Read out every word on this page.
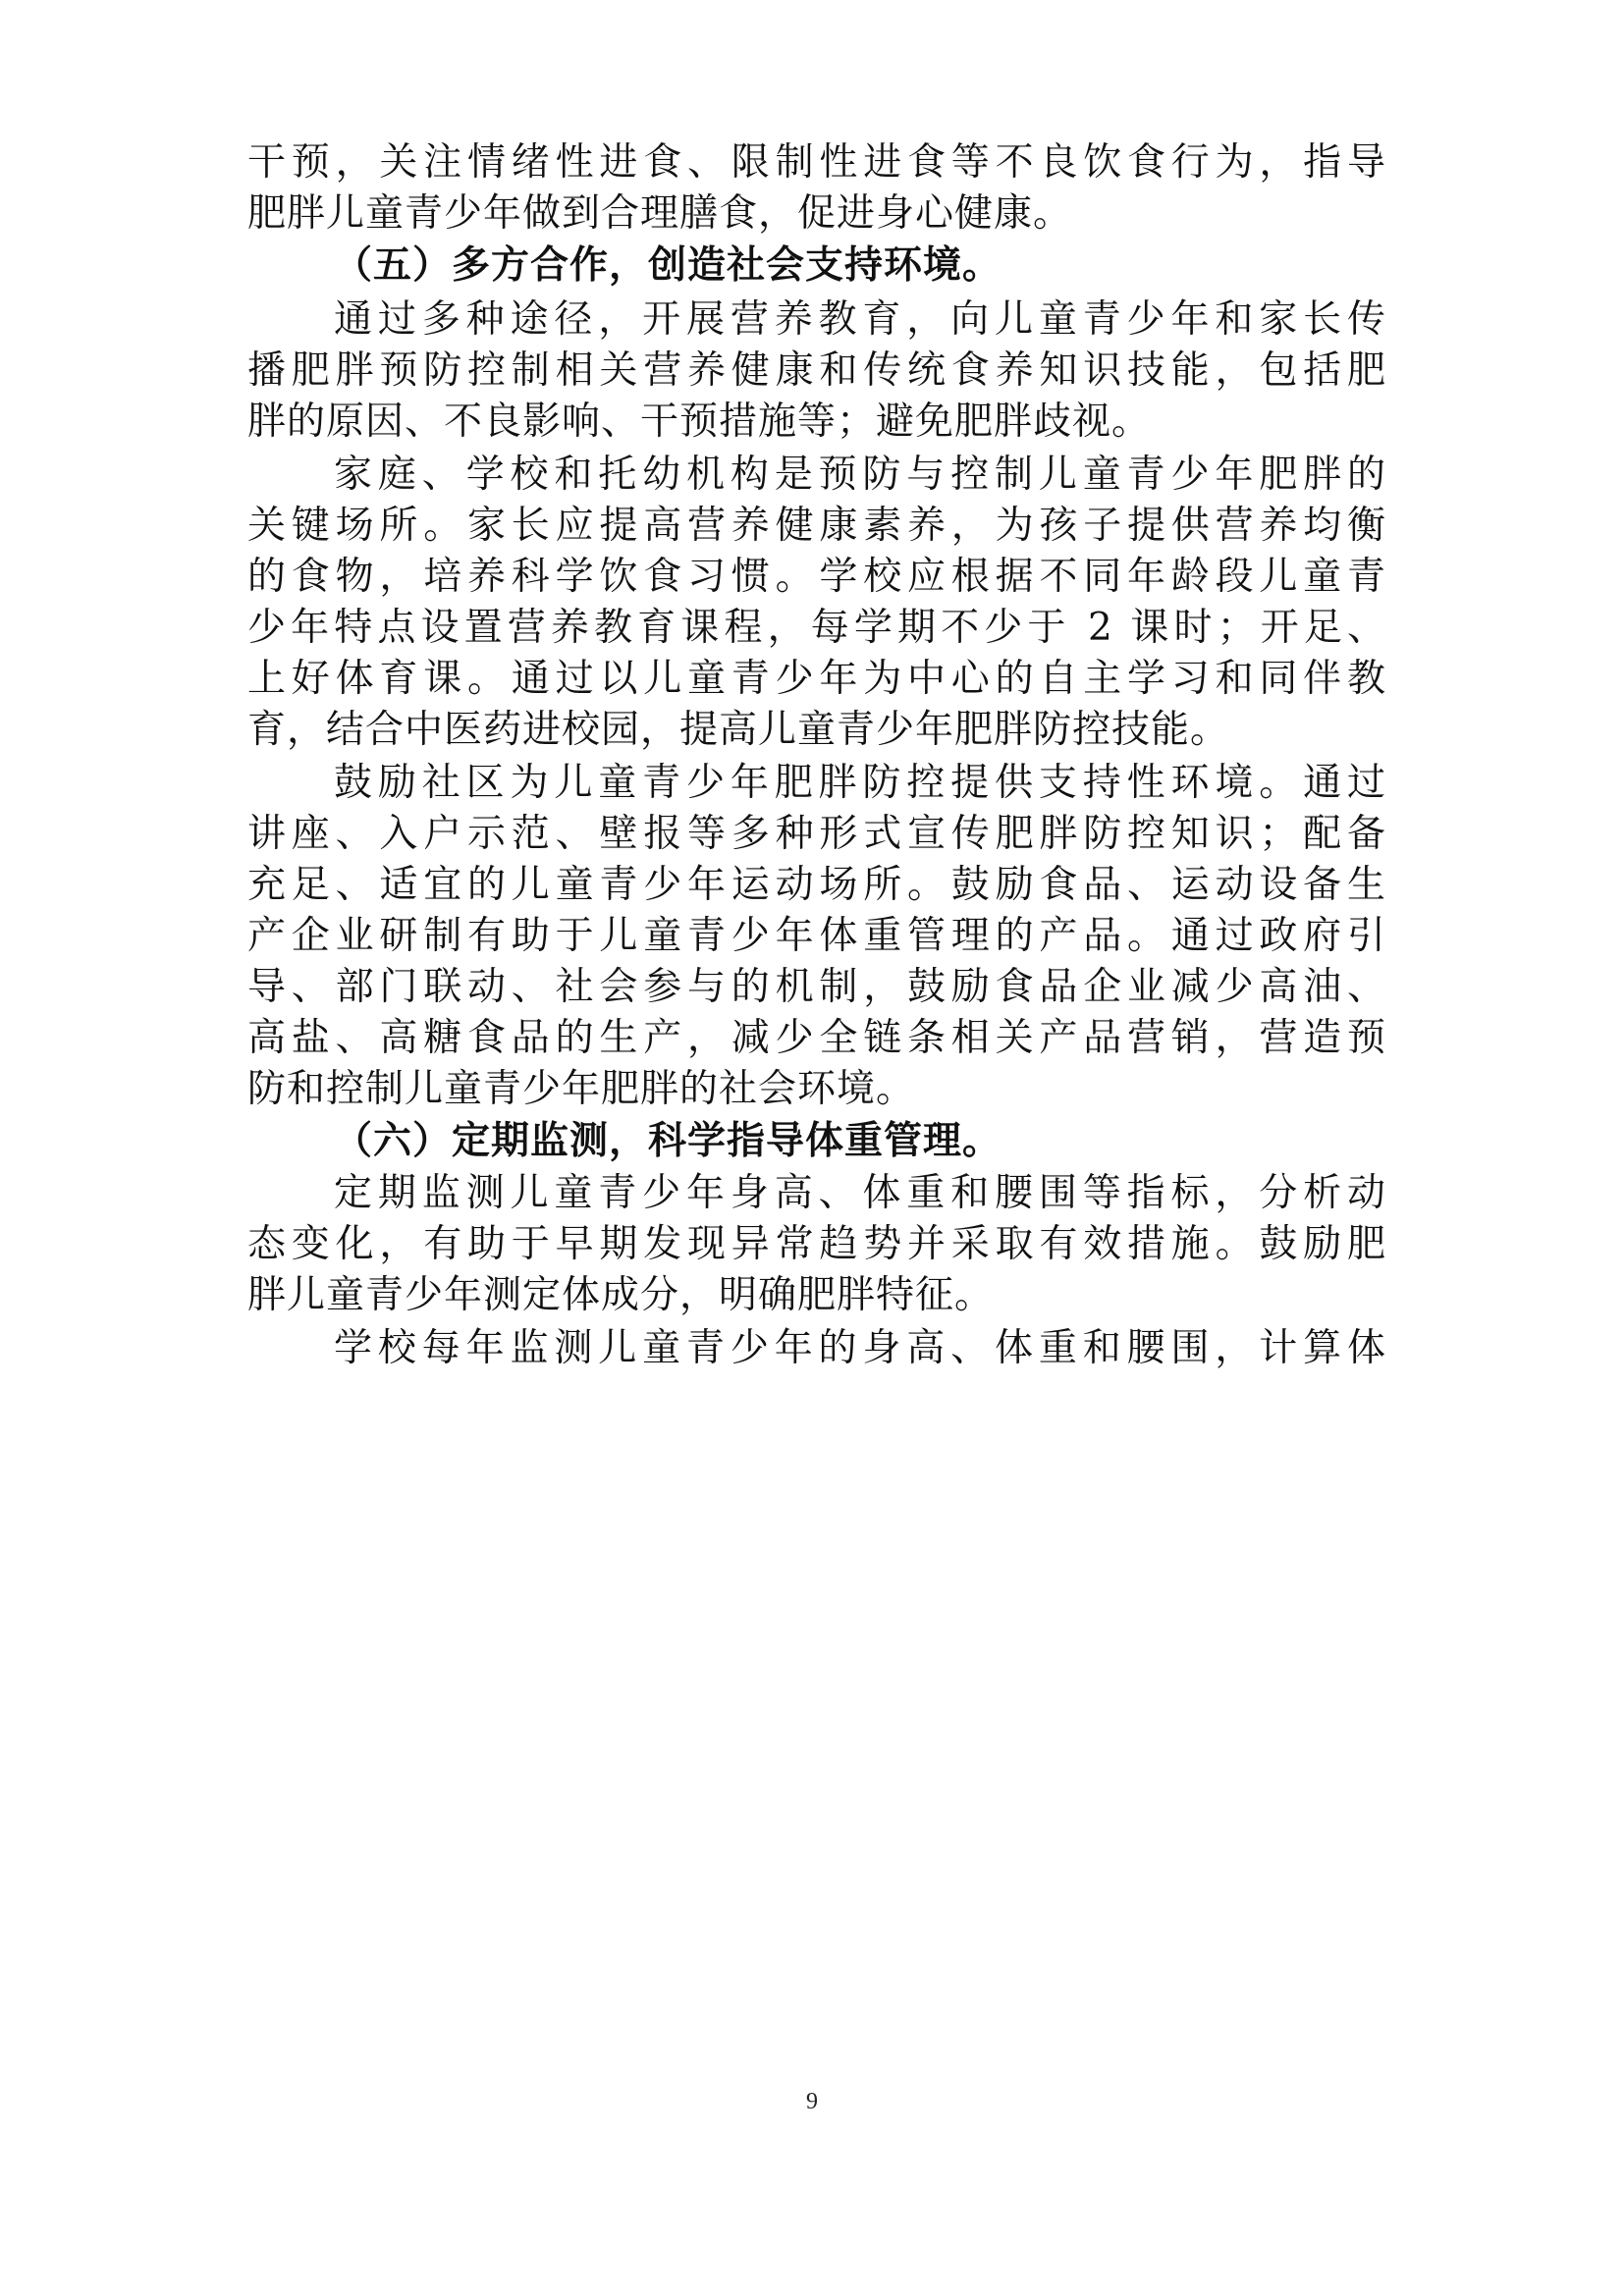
干预，关注情绪性进食、限制性进食等不良饮食行为，指导
肥胖儿童青少年做到合理膳食，促进身心健康。
（五）多方合作，创造社会支持环境。
通过多种途径，开展营养教育，向儿童青少年和家长传
播肥胖预防控制相关营养健康和传统食养知识技能，包括肥
胖的原因、不良影响、干预措施等；避免肥胖歧视。
家庭、学校和托幼机构是预防与控制儿童青少年肥胖的
关键场所。家长应提高营养健康素养，为孩子提供营养均衡
的食物，培养科学饮食习惯。学校应根据不同年龄段儿童青
少年特点设置营养教育课程，每学期不少于 2 课时；开足、
上好体育课。通过以儿童青少年为中心的自主学习和同伴教
育，结合中医药进校园，提高儿童青少年肥胖防控技能。
鼓励社区为儿童青少年肥胖防控提供支持性环境。通过
讲座、入户示范、壁报等多种形式宣传肥胖防控知识；配备
充足、适宜的儿童青少年运动场所。鼓励食品、运动设备生
产企业研制有助于儿童青少年体重管理的产品。通过政府引
导、部门联动、社会参与的机制，鼓励食品企业减少高油、
高盐、高糖食品的生产，减少全链条相关产品营销，营造预
防和控制儿童青少年肥胖的社会环境。
（六）定期监测，科学指导体重管理。
定期监测儿童青少年身高、体重和腰围等指标，分析动
态变化，有助于早期发现异常趋势并采取有效措施。鼓励肥
胖儿童青少年测定体成分，明确肥胖特征。
学校每年监测儿童青少年的身高、体重和腰围，计算体
9
